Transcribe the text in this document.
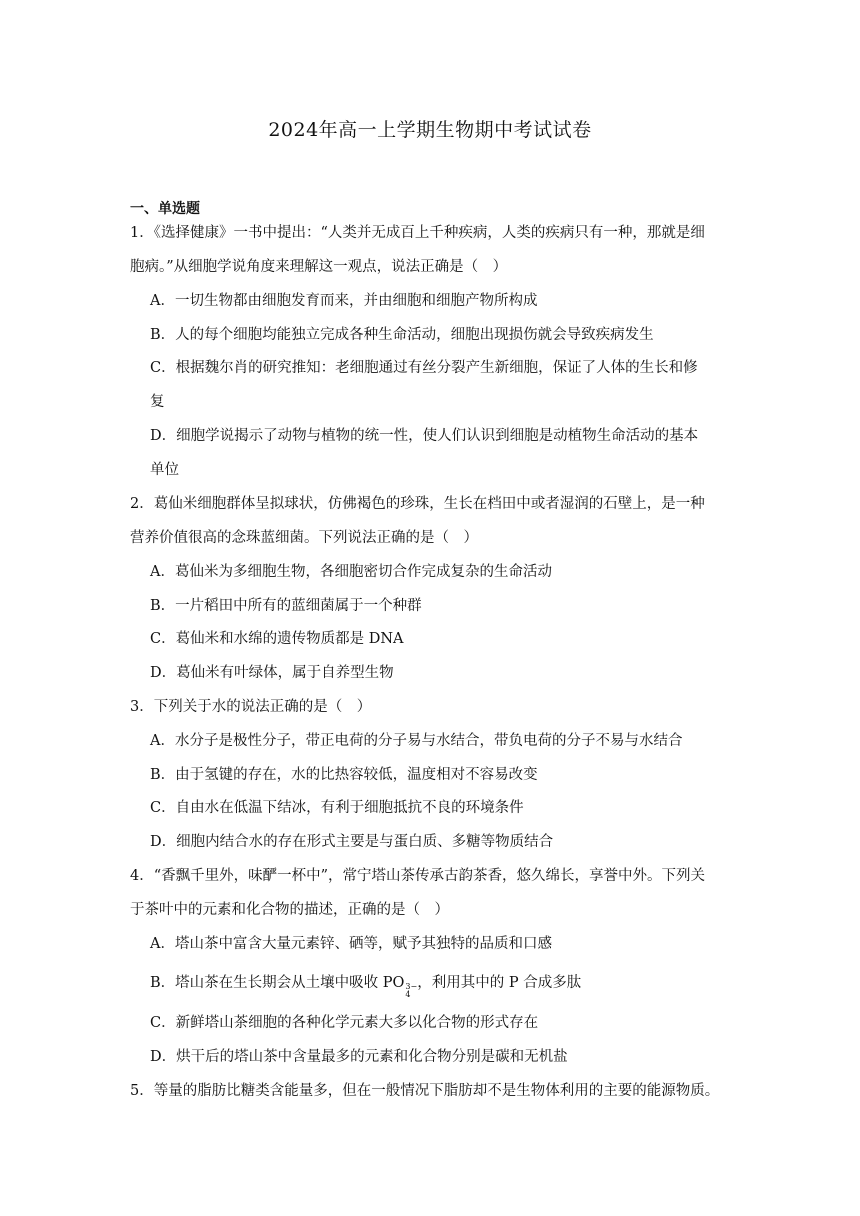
2024年高一上学期生物期中考试试卷
一、单选题
1．《选择健康》一书中提出：“人类并无成百上千种疾病，人类的疾病只有一种，那就是细
胞病。”从细胞学说角度来理解这一观点，说法正确是（　）
A．一切生物都由细胞发育而来，并由细胞和细胞产物所构成
B．人的每个细胞均能独立完成各种生命活动，细胞出现损伤就会导致疾病发生
C．根据魏尔肖的研究推知：老细胞通过有丝分裂产生新细胞，保证了人体的生长和修
复
D．细胞学说揭示了动物与植物的统一性，使人们认识到细胞是动植物生命活动的基本
单位
2．葛仙米细胞群体呈拟球状，仿佛褐色的珍珠，生长在档田中或者湿润的石壁上，是一种
营养价值很高的念珠蓝细菌。下列说法正确的是（　）
A．葛仙米为多细胞生物，各细胞密切合作完成复杂的生命活动
B．一片稻田中所有的蓝细菌属于一个种群
C．葛仙米和水绵的遗传物质都是 DNA
D．葛仙米有叶绿体，属于自养型生物
3．下列关于水的说法正确的是（　）
A．水分子是极性分子，带正电荷的分子易与水结合，带负电荷的分子不易与水结合
B．由于氢键的存在，水的比热容较低，温度相对不容易改变
C．自由水在低温下结冰，有利于细胞抵抗不良的环境条件
D．细胞内结合水的存在形式主要是与蛋白质、多糖等物质结合
4．“香飘千里外，味酽一杯中”，常宁塔山茶传承古韵茶香，悠久绵长，享誉中外。下列关
于茶叶中的元素和化合物的描述，正确的是（　）
A．塔山茶中富含大量元素锌、硒等，赋予其独特的品质和口感
B．塔山茶在生长期会从土壤中吸收 PO 3−
4
，利用其中的 P 合成多肽
C．新鲜塔山茶细胞的各种化学元素大多以化合物的形式存在
D．烘干后的塔山茶中含量最多的元素和化合物分别是碳和无机盐
5．等量的脂肪比糖类含能量多，但在一般情况下脂肪却不是生物体利用的主要的能源物质。
